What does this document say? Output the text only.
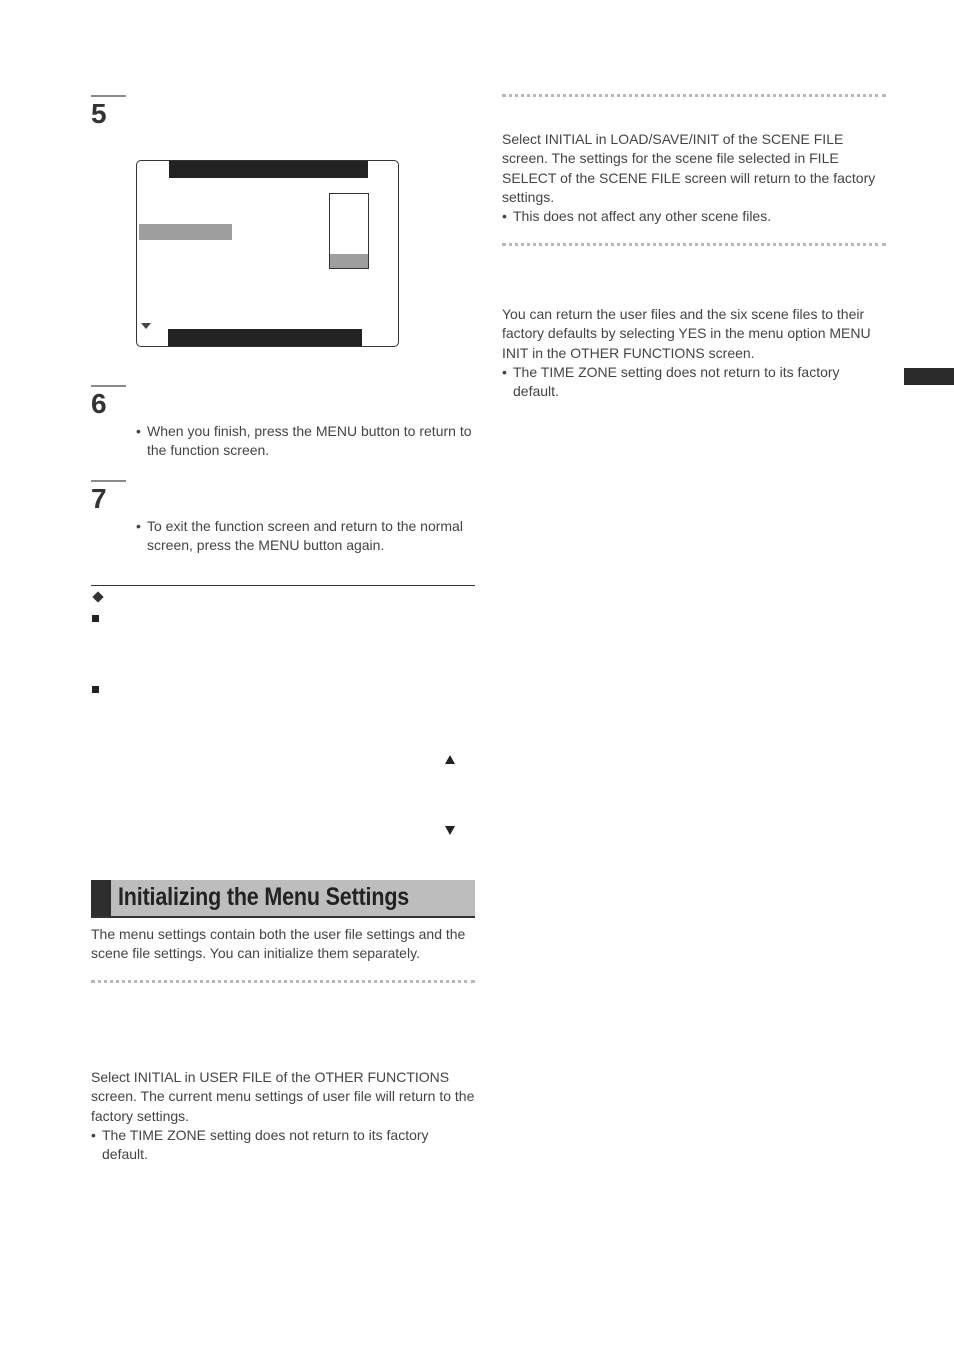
5
6
• When you finish, press the MENU button to return to the function screen.
7
• To exit the function screen and return to the normal screen, press the MENU button again.
Initializing the Menu Settings
The menu settings contain both the user file settings and the scene file settings. You can initialize them separately.
Select INITIAL in USER FILE of the OTHER FUNCTIONS screen. The current menu settings of user file will return to the factory settings.
• The TIME ZONE setting does not return to its factory default.
Select INITIAL in LOAD/SAVE/INIT of the SCENE FILE screen. The settings for the scene file selected in FILE SELECT of the SCENE FILE screen will return to the factory settings.
• This does not affect any other scene files.
You can return the user files and the six scene files to their factory defaults by selecting YES in the menu option MENU INIT in the OTHER FUNCTIONS screen.
• The TIME ZONE setting does not return to its factory default.
